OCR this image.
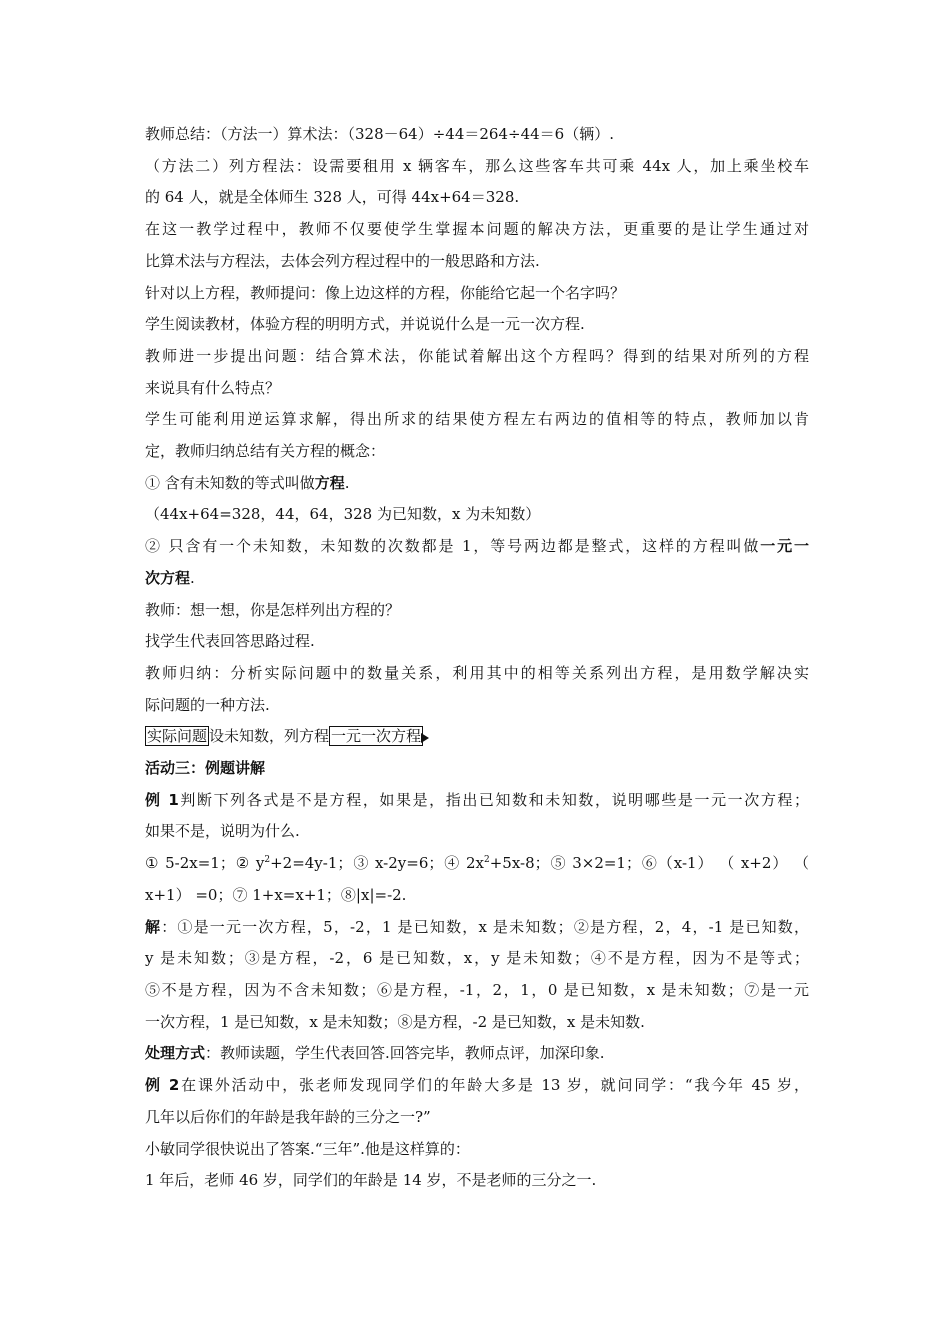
教师总结：（方法一）算术法：（328－64）÷44＝264÷44＝6（辆）.
（方法二）列方程法：设需要租用 x 辆客车，那么这些客车共可乘 44x 人，加上乘坐校车
的 64 人，就是全体师生 328 人，可得 44x+64＝328.
在这一教学过程中，教师不仅要使学生掌握本问题的解决方法，更重要的是让学生通过对
比算术法与方程法，去体会列方程过程中的一般思路和方法.
针对以上方程，教师提问：像上边这样的方程，你能给它起一个名字吗？
学生阅读教材，体验方程的明明方式，并说说什么是一元一次方程.
教师进一步提出问题：结合算术法，你能试着解出这个方程吗？得到的结果对所列的方程
来说具有什么特点？
学生可能利用逆运算求解，得出所求的结果使方程左右两边的值相等的特点，教师加以肯
定，教师归纳总结有关方程的概念：
① 含有未知数的等式叫做方程.
（44x+64=328，44，64，328 为已知数，x 为未知数）
② 只含有一个未知数，未知数的次数都是 1，等号两边都是整式，这样的方程叫做一元一
次方程.
教师：想一想，你是怎样列出方程的？
找学生代表回答思路过程.
教师归纳：分析实际问题中的数量关系，利用其中的相等关系列出方程，是用数学解决实
际问题的一种方法.
实际问题 设未知数，列方程 一元一次方程
活动三：例题讲解
例 1判断下列各式是不是方程，如果是，指出已知数和未知数，说明哪些是一元一次方程；
如果不是，说明为什么.
① 5-2x=1；② $y^2+2=4y-1$；③ x-2y=6；④ $2x^2+5x-8$；⑤ 3×2=1；⑥（x-1） （ x+2） （
x+1） =0；⑦ 1+x=x+1；⑧|x|=-2.
解：①是一元一次方程，5，-2，1 是已知数，x 是未知数；②是方程，2，4，-1 是已知数，
y 是未知数；③是方程，-2，6 是已知数，x，y 是未知数；④不是方程，因为不是等式；
⑤不是方程，因为不含未知数；⑥是方程，-1，2，1，0 是已知数，x 是未知数；⑦是一元
一次方程，1 是已知数，x 是未知数；⑧是方程，-2 是已知数，x 是未知数.
处理方式：教师读题，学生代表回答.回答完毕，教师点评，加深印象.
例 2在课外活动中，张老师发现同学们的年龄大多是 13 岁，就问同学：“我今年 45 岁，
几年以后你们的年龄是我年龄的三分之一?”
小敏同学很快说出了答案.“三年”.他是这样算的：
1 年后，老师 46 岁，同学们的年龄是 14 岁，不是老师的三分之一.
